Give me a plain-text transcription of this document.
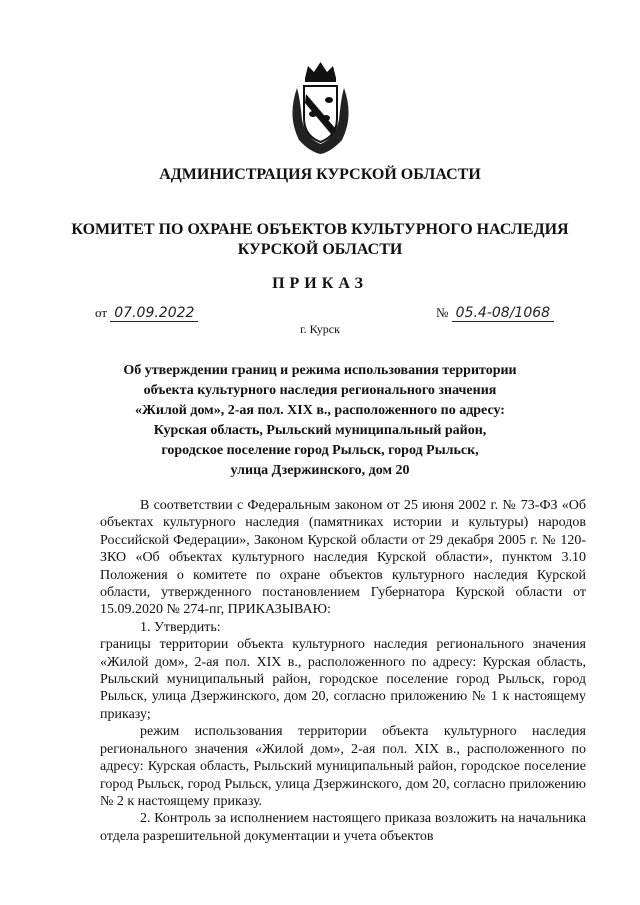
АДМИНИСТРАЦИЯ КУРСКОЙ ОБЛАСТИ
КОМИТЕТ ПО ОХРАНЕ ОБЪЕКТОВ КУЛЬТУРНОГО НАСЛЕДИЯ
КУРСКОЙ ОБЛАСТИ
ПРИКАЗ
от 07.09.2022	№ 05.4-08/1068
г. Курск
Об утверждении границ и режима использования территории
объекта культурного наследия регионального значения
«Жилой дом», 2-ая пол. XIX в., расположенного по адресу:
Курская область, Рыльский муниципальный район,
городское поселение город Рыльск, город Рыльск,
улица Дзержинского, дом 20

В соответствии с Федеральным законом от 25 июня 2002 г. № 73-ФЗ «Об объектах культурного наследия (памятниках истории и культуры) народов Российской Федерации», Законом Курской области от 29 декабря 2005 г. № 120-ЗКО «Об объектах культурного наследия Курской области», пунктом 3.10 Положения о комитете по охране объектов культурного наследия Курской области, утвержденного постановлением Губернатора Курской области от 15.09.2020 № 274-пг, ПРИКАЗЫВАЮ:

1. Утвердить:

границы территории объекта культурного наследия регионального значения «Жилой дом», 2-ая пол. XIX в., расположенного по адресу: Курская область, Рыльский муниципальный район, городское поселение город Рыльск, город Рыльск, улица Дзержинского, дом 20, согласно приложению № 1 к настоящему приказу;

режим использования территории объекта культурного наследия регионального значения «Жилой дом», 2-ая пол. XIX в., расположенного по адресу: Курская область, Рыльский муниципальный район, городское поселение город Рыльск, город Рыльск, улица Дзержинского, дом 20, согласно приложению № 2 к настоящему приказу.

2. Контроль за исполнением настоящего приказа возложить на начальника отдела разрешительной документации и учета объектов
